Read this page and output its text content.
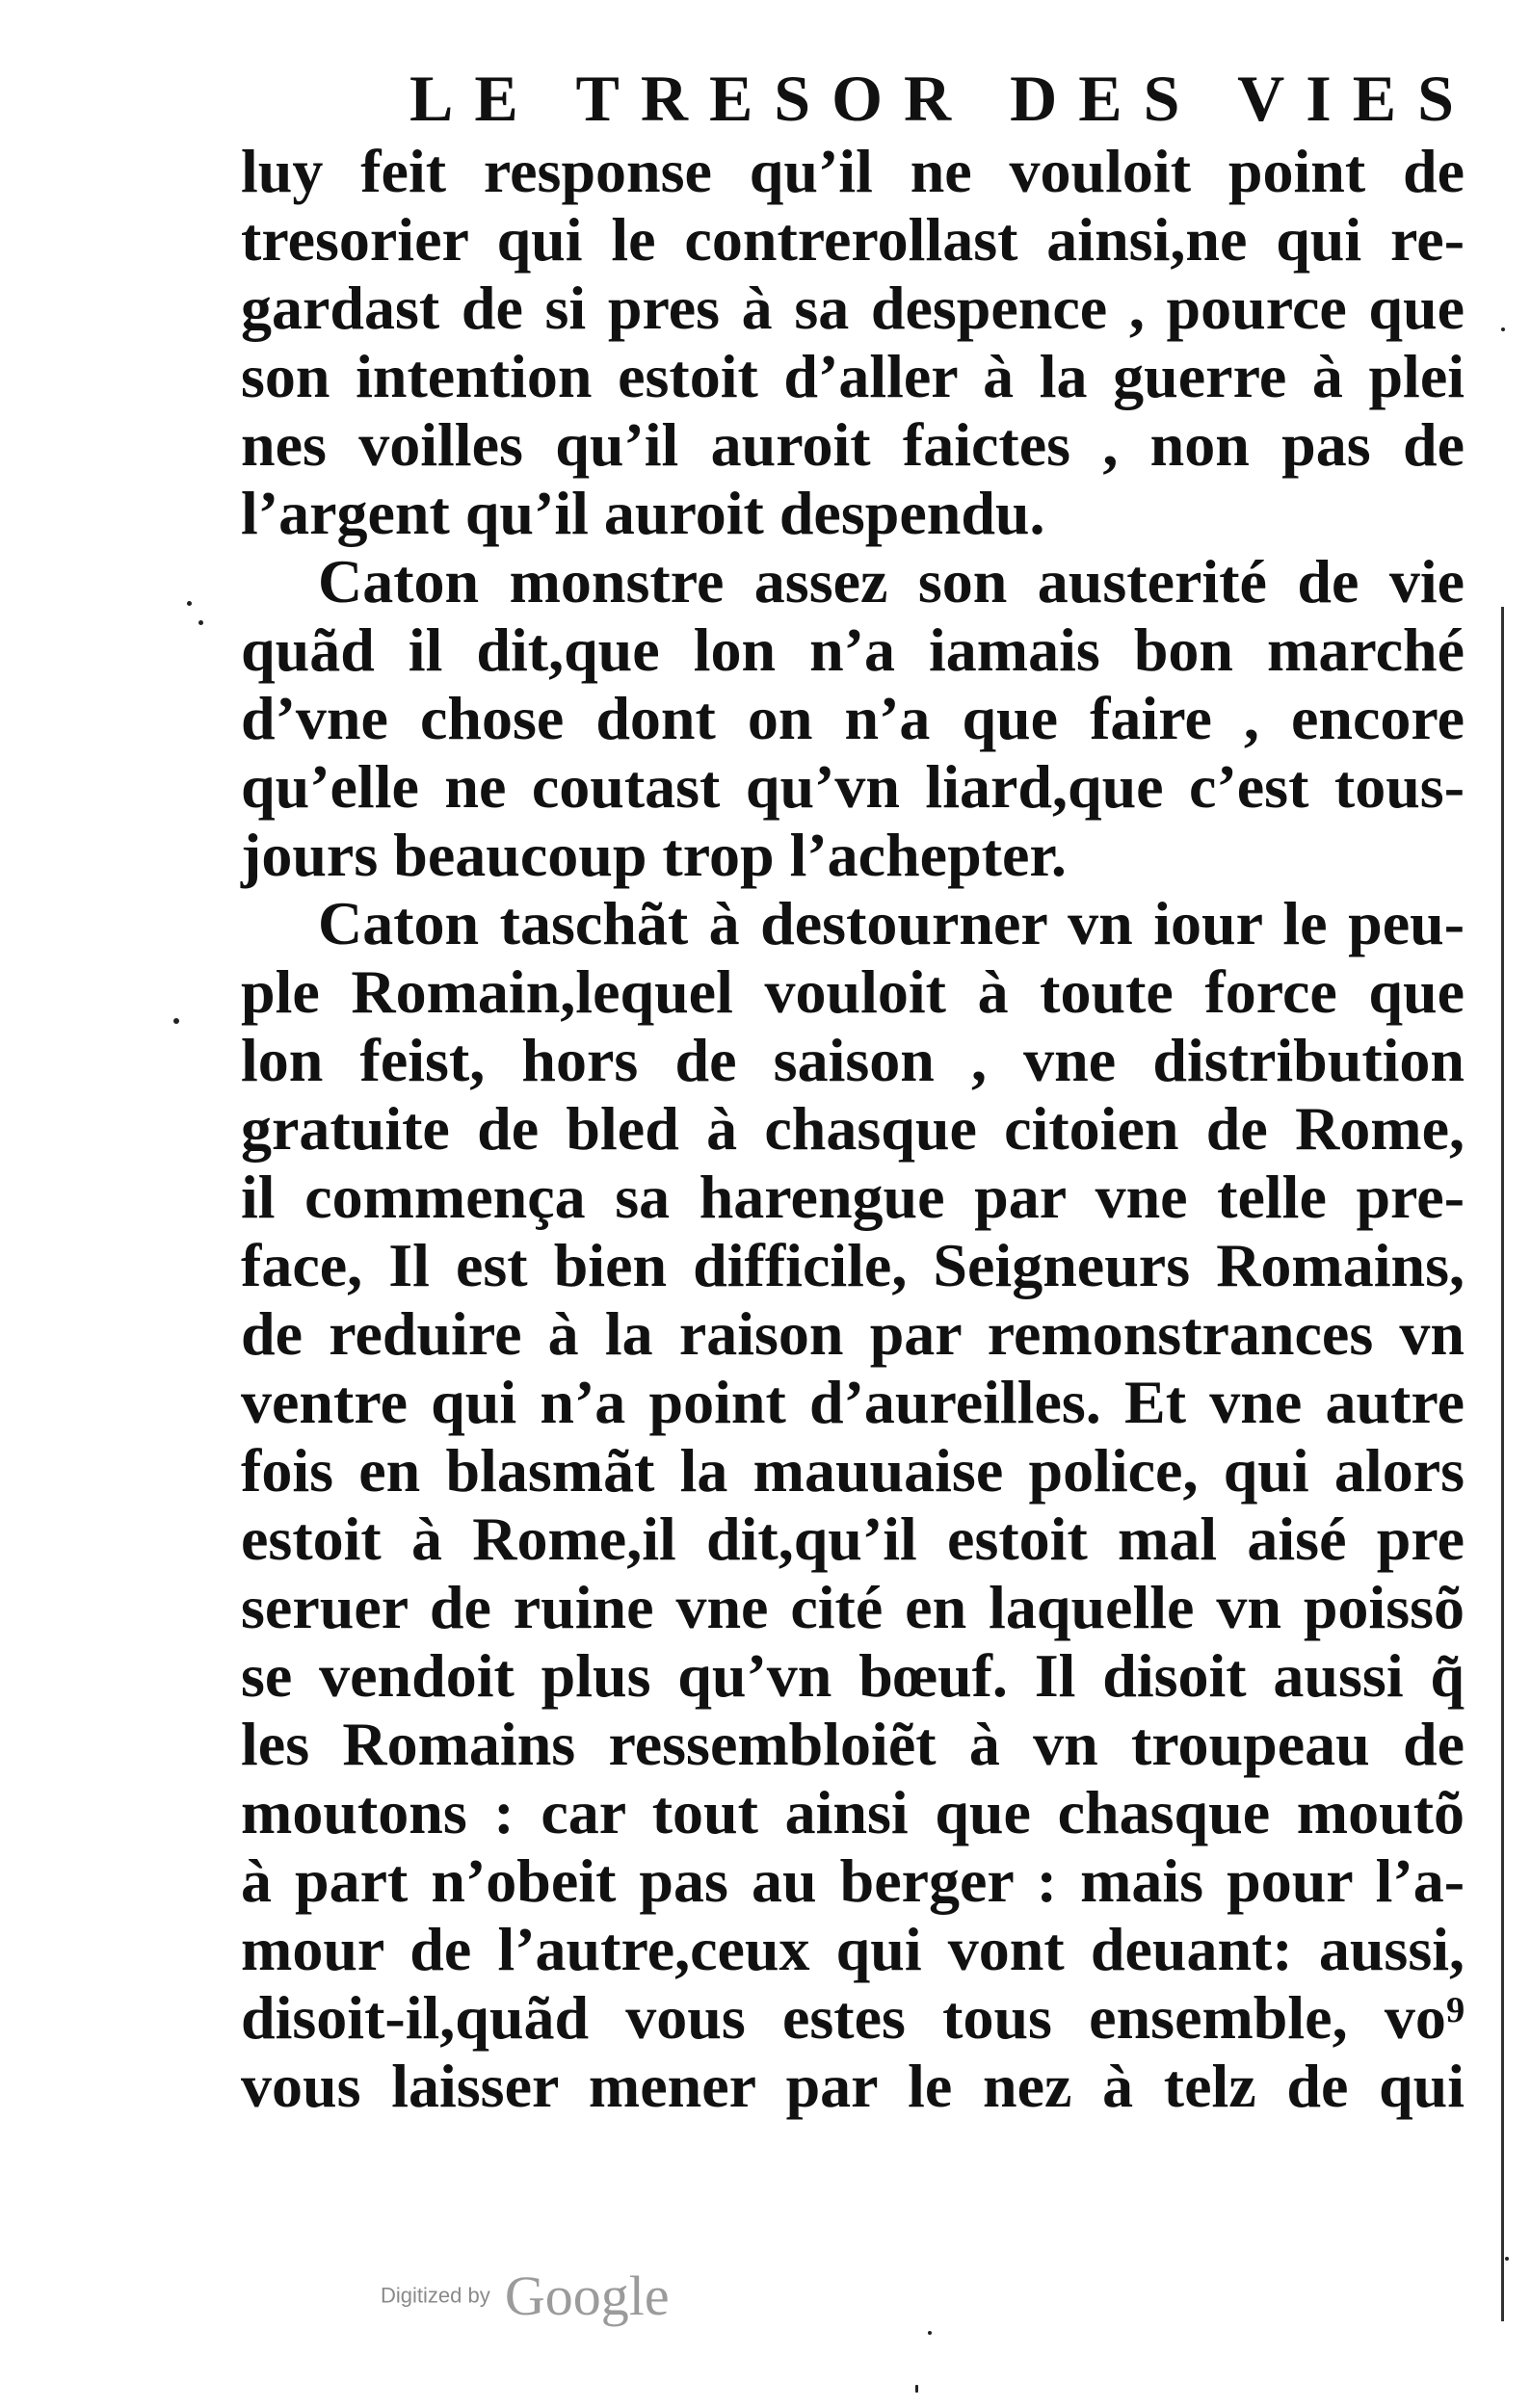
LE TRESOR DES VIES
luy feit response qu’il ne vouloit point de
tresorier qui le contrerollast ainsi,ne qui re-
gardast de si pres à sa despence , pource que
son intention estoit d’aller à la guerre à plei
nes voilles qu’il auroit faictes , non pas de
l’argent qu’il auroit despendu.
Caton monstre assez son austerité de vie
quãd il dit,que lon n’a iamais bon marché
d’vne chose dont on n’a que faire , encore
qu’elle ne coutast qu’vn liard,que c’est tous-
jours beaucoup trop l’achepter.
Caton taschãt à destourner vn iour le peu-
ple Romain,lequel vouloit à toute force que
lon feist, hors de saison , vne distribution
gratuite de bled à chasque citoien de Rome,
il commença sa harengue par vne telle pre-
face, Il est bien difficile, Seigneurs Romains,
de reduire à la raison par remonstrances vn
ventre qui n’a point d’aureilles. Et vne autre
fois en blasmãt la mauuaise police, qui alors
estoit à Rome,il dit,qu’il estoit mal aisé pre
seruer de ruine vne cité en laquelle vn poissõ
se vendoit plus qu’vn bœuf. Il disoit aussi q̃
les Romains ressembloiẽt à vn troupeau de
moutons : car tout ainsi que chasque moutõ
à part n’obeit pas au berger : mais pour l’a-
mour de l’autre,ceux qui vont deuant: aussi,
disoit-il,quãd vous estes tous ensemble, vo⁹
vous laisser mener par le nez à telz de qui
Digitized by Google
